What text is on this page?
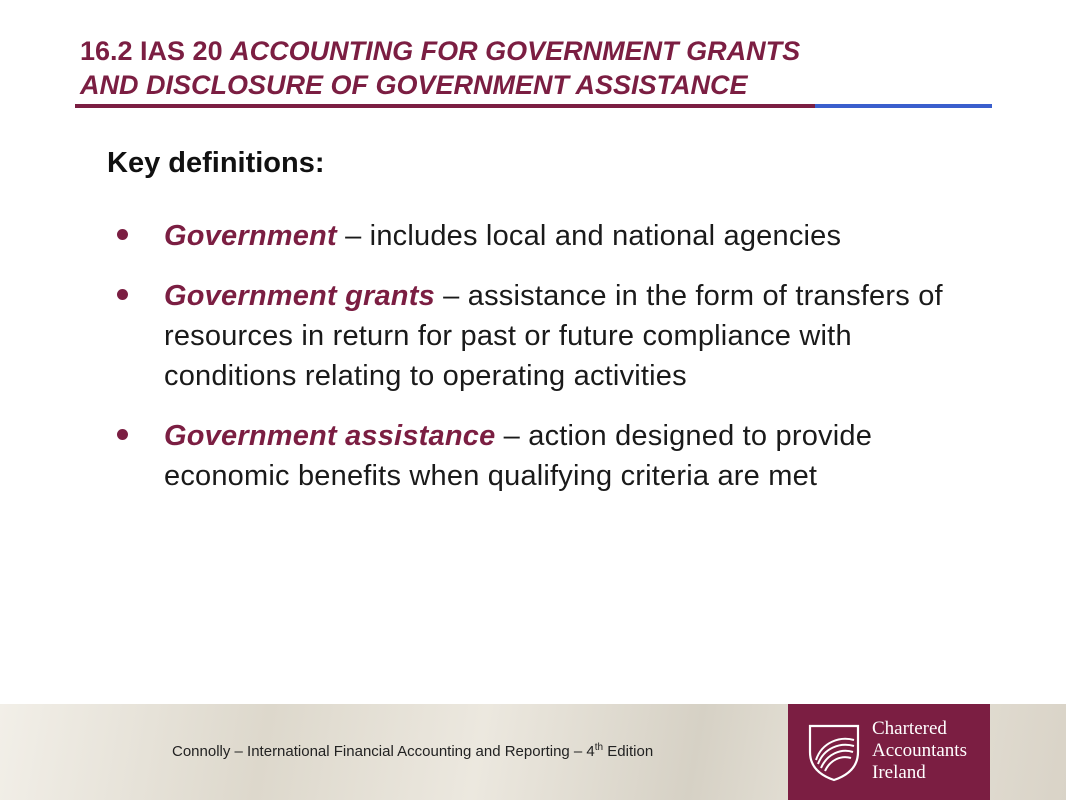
16.2 IAS 20 ACCOUNTING FOR GOVERNMENT GRANTS
AND DISCLOSURE OF GOVERNMENT ASSISTANCE
Key definitions:
Government – includes local and national agencies
Government grants – assistance in the form of transfers of resources in return for past or future compliance with conditions relating to operating activities
Government assistance – action designed to provide economic benefits when qualifying criteria are met
Connolly – International Financial Accounting and Reporting – 4th Edition
Chartered
Accountants
Ireland
